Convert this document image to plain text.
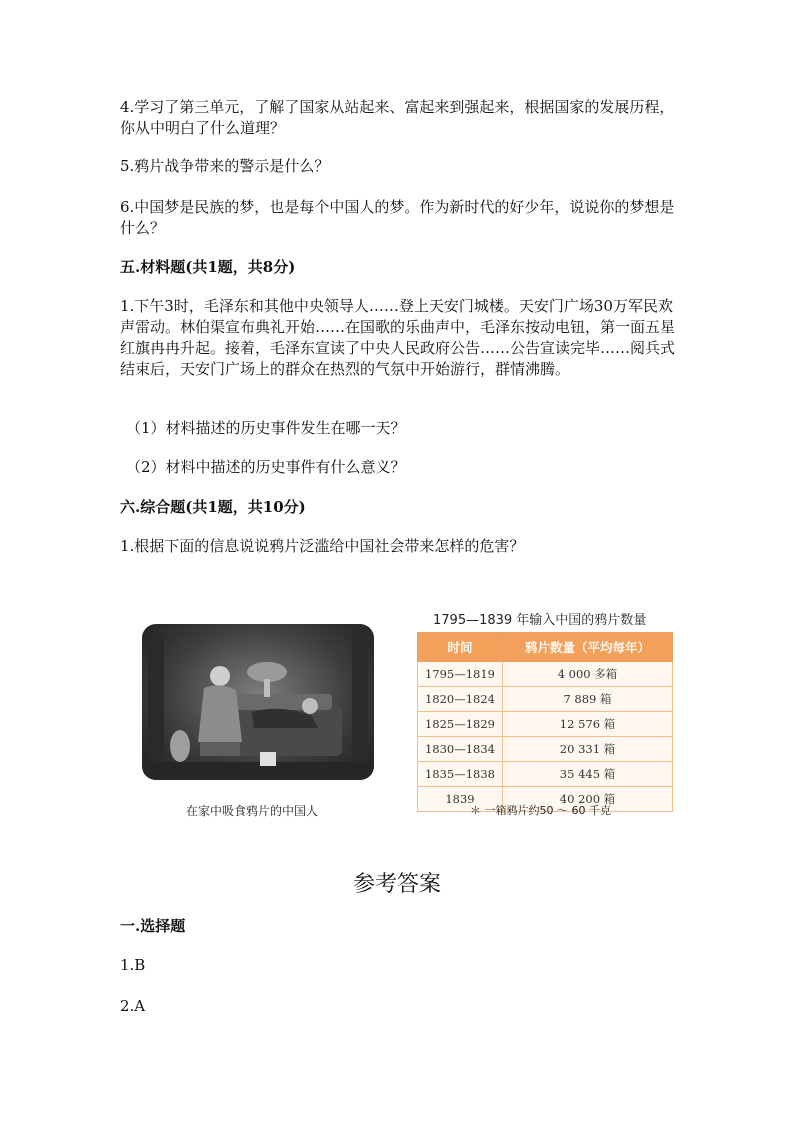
4.学习了第三单元，了解了国家从站起来、富起来到强起来，根据国家的发展历程，你从中明白了什么道理？

5.鸦片战争带来的警示是什么？

6.中国梦是民族的梦，也是每个中国人的梦。作为新时代的好少年，说说你的梦想是什么？

五.材料题(共1题，共8分)

1.下午3时，毛泽东和其他中央领导人……登上天安门城楼。天安门广场30万军民欢声雷动。林伯渠宣布典礼开始……在国歌的乐曲声中，毛泽东按动电钮，第一面五星红旗冉冉升起。接着，毛泽东宣读了中央人民政府公告……公告宣读完毕……阅兵式结束后，天安门广场上的群众在热烈的气氛中开始游行，群情沸腾。

（1）材料描述的历史事件发生在哪一天？

（2）材料中描述的历史事件有什么意义？

六.综合题(共1题，共10分)

1.根据下面的信息说说鸦片泛滥给中国社会带来怎样的危害？

在家中吸食鸦片的中国人
1795—1839 年输入中国的鸦片数量
时间	鸦片数量（平均每年）
1795—1819	4 000 多箱
1820—1824	7 889 箱
1825—1829	12 576 箱
1830—1834	20 331 箱
1835—1838	35 445 箱
1839	40 200 箱
＊ 一箱鸦片约50 ～ 60 千克
参考答案

一.选择题

1.B

2.A
